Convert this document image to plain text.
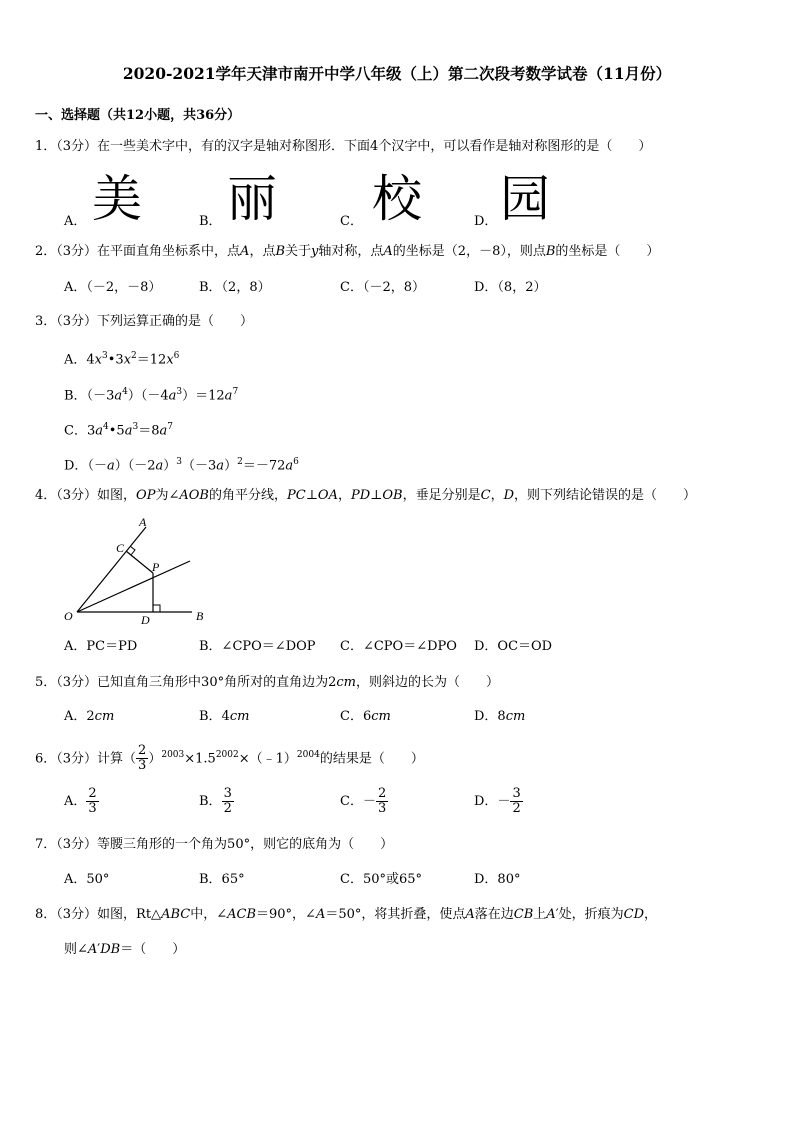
2020-2021学年天津市南开中学八年级（上）第二次段考数学试卷（11月份）
一、选择题（共12小题，共36分）
1．（3分）在一些美术字中，有的汉字是轴对称图形．下面4个汉字中，可以看作是轴对称图形的是（　　）
A． 美	B． 丽	C． 校	D． 园
2．（3分）在平面直角坐标系中，点A，点B关于y轴对称，点A的坐标是（2，－8），则点B的坐标是（　　）
A．（－2，－8）	B．（2，8）	C．（－2，8）	D．（8，2）
3．（3分）下列运算正确的是（　　）
A．$4x^3•3x^2=12x^6$
B．$(-3a^4)(-4a^3)=12a^7$
C．$3a^4•5a^3=8a^7$
D．$(-a)(-2a)^3(-3a)^2=-72a^6$
4．（3分）如图，OP为∠AOB的角平分线，PC⊥OA，PD⊥OB，垂足分别是C，D，则下列结论错误的是（　　）
A
C
P
O	D	B
A．PC＝PD	B．∠CPO＝∠DOP C．∠CPO＝∠DPO D．OC＝OD
5．（3分）已知直角三角形中30°角所对的直角边为2cm，则斜边的长为（　　）
A．2cm	B．4cm	C．6cm	D．8cm
6．（3分）计算（ $\frac{2}{3}$ ）$^{2003}\times 1.5^{2002}\times(﹣1)^{2004}$的结果是（　　）
A． $\frac{2}{3}$	B． $\frac{3}{2}$	C．－ $\frac{2}{3}$	D．－ $\frac{3}{2}$
7．（3分）等腰三角形的一个角为50°，则它的底角为（　　）
A．50°	B．65°	C．50°或65°	D．80°
8．（3分）如图，Rt△ABC中，∠ACB＝90°，∠A＝50°，将其折叠，使点A落在边CB上A′处，折痕为CD，
则∠A′DB＝（　　）
